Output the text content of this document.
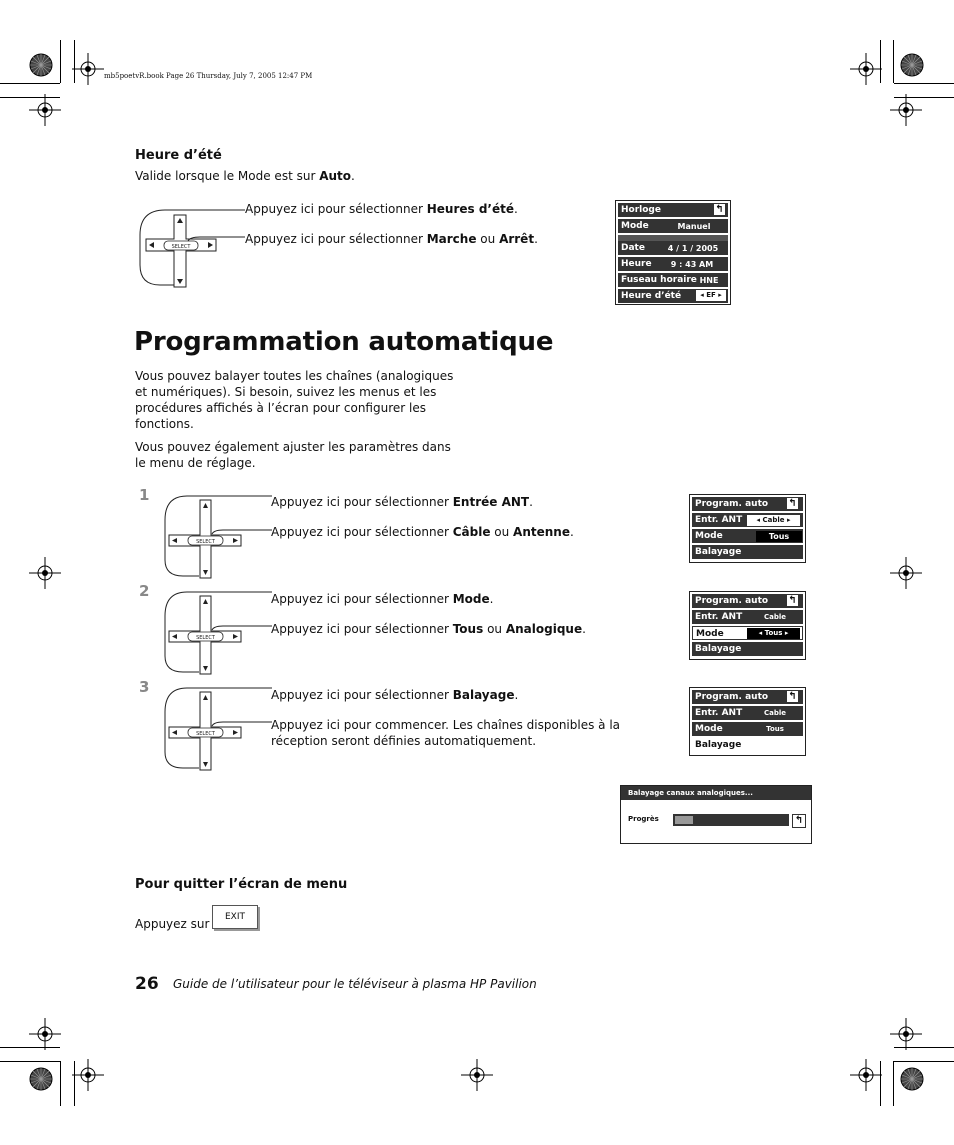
mb5poetvR.book Page 26 Thursday, July 7, 2005 12:47 PM
Heure d’été
Valide lorsque le Mode est sur Auto.
SELECT
Appuyez ici pour sélectionner Heures d’été.
Appuyez ici pour sélectionner Marche ou Arrêt.
Horloge	↰
Mode	Manuel
Date	4 / 1 / 2005
Heure	9 : 43 AM
Fuseau horaire HNE
Heure d’été	◂ EF ▸
Programmation automatique
Vous pouvez balayer toutes les chaînes (analogiques et numériques). Si besoin, suivez les menus et les procédures affichés à l’écran pour configurer les fonctions.
Vous pouvez également ajuster les paramètres dans le menu de réglage.
1
2
3
SELECT
SELECT
SELECT
Appuyez ici pour sélectionner Entrée ANT.
Appuyez ici pour sélectionner Câble ou Antenne.
Appuyez ici pour sélectionner Mode.
Appuyez ici pour sélectionner Tous ou Analogique.
Appuyez ici pour sélectionner Balayage.
Appuyez ici pour commencer. Les chaînes disponibles à la réception seront définies automatiquement.
Program. auto	↰
Entr. ANT	◂ Cable ▸
Mode	Tous
Balayage
Program. auto	↰
Entr. ANT	Cable
Mode	◂ Tous ▸
Balayage
Program. auto	↰
Entr. ANT	Cable
Mode	Tous
Balayage
Balayage canaux analogiques...
Progrès	↰
Pour quitter l’écran de menu
Appuyez sur	EXIT
26 Guide de l’utilisateur pour le téléviseur à plasma HP Pavilion
